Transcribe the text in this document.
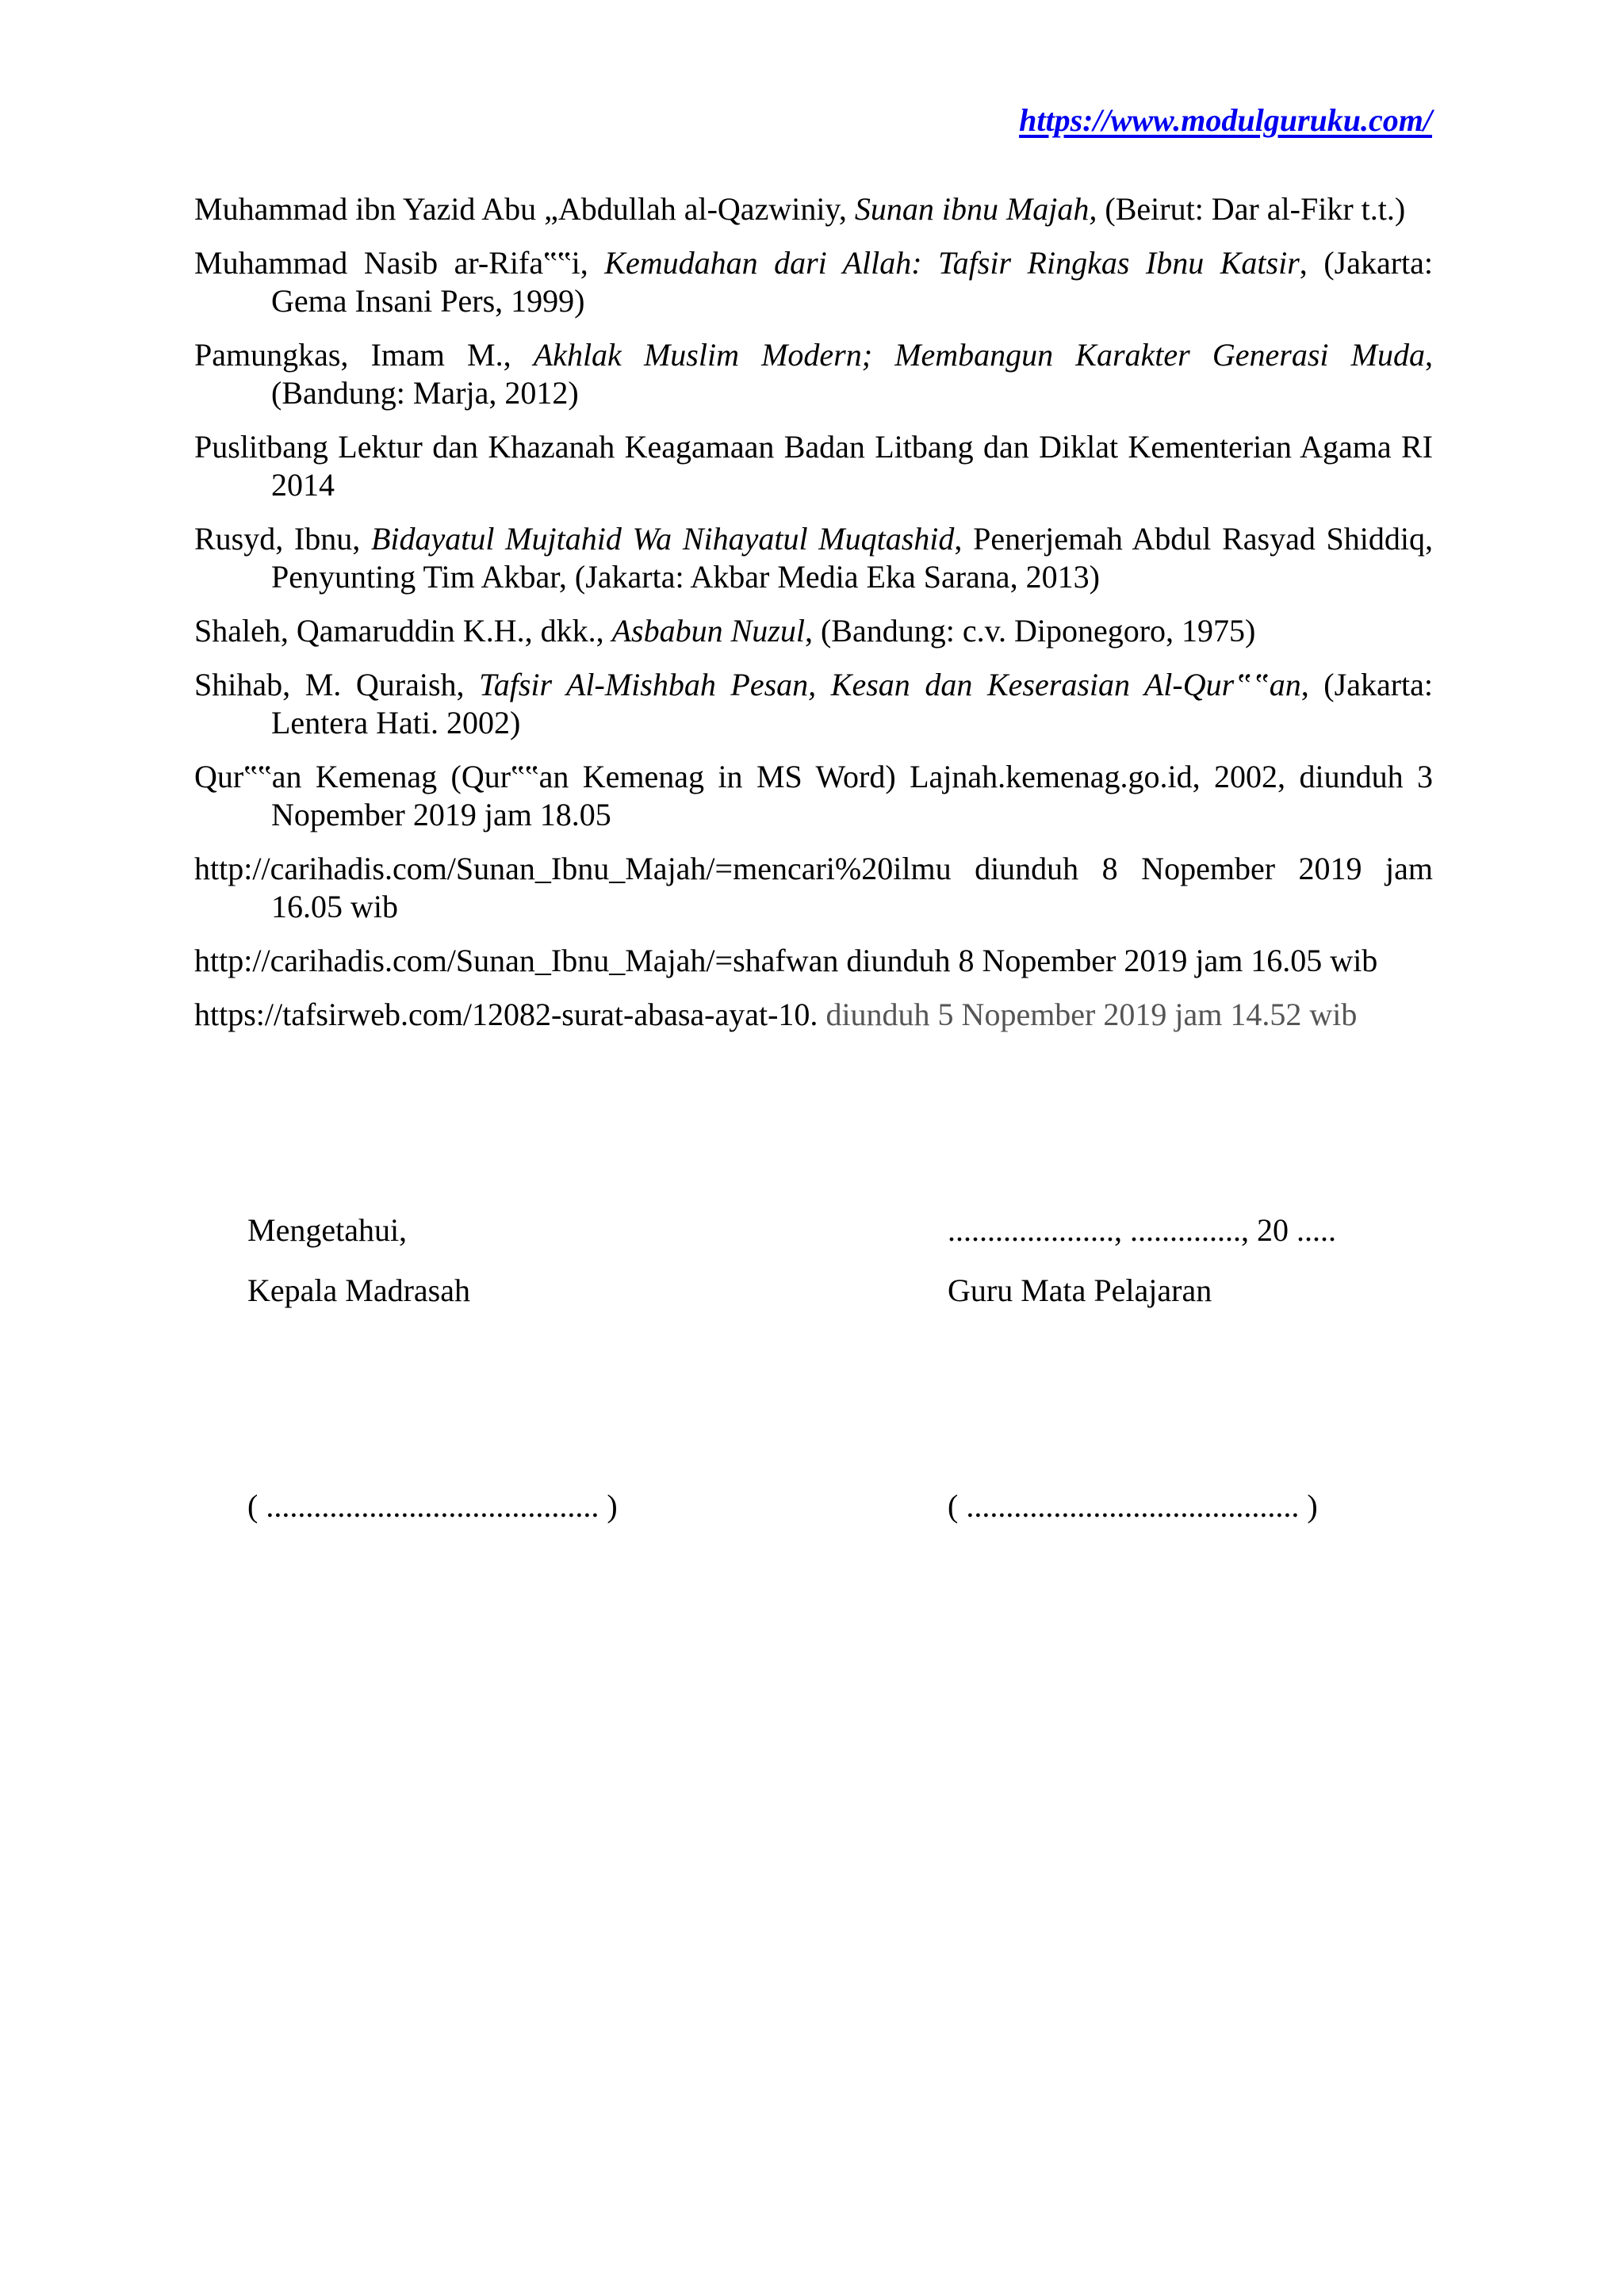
https://www.modulguruku.com/

Muhammad ibn Yazid Abu „Abdullah al-Qazwiniy, Sunan ibnu Majah, (Beirut: Dar al-Fikr t.t.)

Muhammad Nasib ar-Rifa‟‟i, Kemudahan dari Allah: Tafsir Ringkas Ibnu Katsir, (Jakarta: Gema Insani Pers, 1999)

Pamungkas, Imam M., Akhlak Muslim Modern; Membangun Karakter Generasi Muda, (Bandung: Marja, 2012)

Puslitbang Lektur dan Khazanah Keagamaan Badan Litbang dan Diklat Kementerian Agama RI 2014

Rusyd, Ibnu, Bidayatul Mujtahid Wa Nihayatul Muqtashid, Penerjemah Abdul Rasyad Shiddiq, Penyunting Tim Akbar, (Jakarta: Akbar Media Eka Sarana, 2013)

Shaleh, Qamaruddin K.H., dkk., Asbabun Nuzul, (Bandung: c.v. Diponegoro, 1975)

Shihab, M. Quraish, Tafsir Al-Mishbah Pesan, Kesan dan Keserasian Al-Qur‟‟an, (Jakarta: Lentera Hati. 2002)

Qur‟‟an Kemenag (Qur‟‟an Kemenag in MS Word) Lajnah.kemenag.go.id, 2002, diunduh 3 Nopember 2019 jam 18.05

http://carihadis.com/Sunan_Ibnu_Majah/=mencari%20ilmu diunduh 8 Nopember 2019 jam 16.05 wib

http://carihadis.com/Sunan_Ibnu_Majah/=shafwan diunduh 8 Nopember 2019 jam 16.05 wib

https://tafsirweb.com/12082-surat-abasa-ayat-10. diunduh 5 Nopember 2019 jam 14.52 wib

Mengetahui,
Kepala Madrasah
....................., .............., 20 .....
Guru Mata Pelajaran
( .......................................... )	( .......................................... )
